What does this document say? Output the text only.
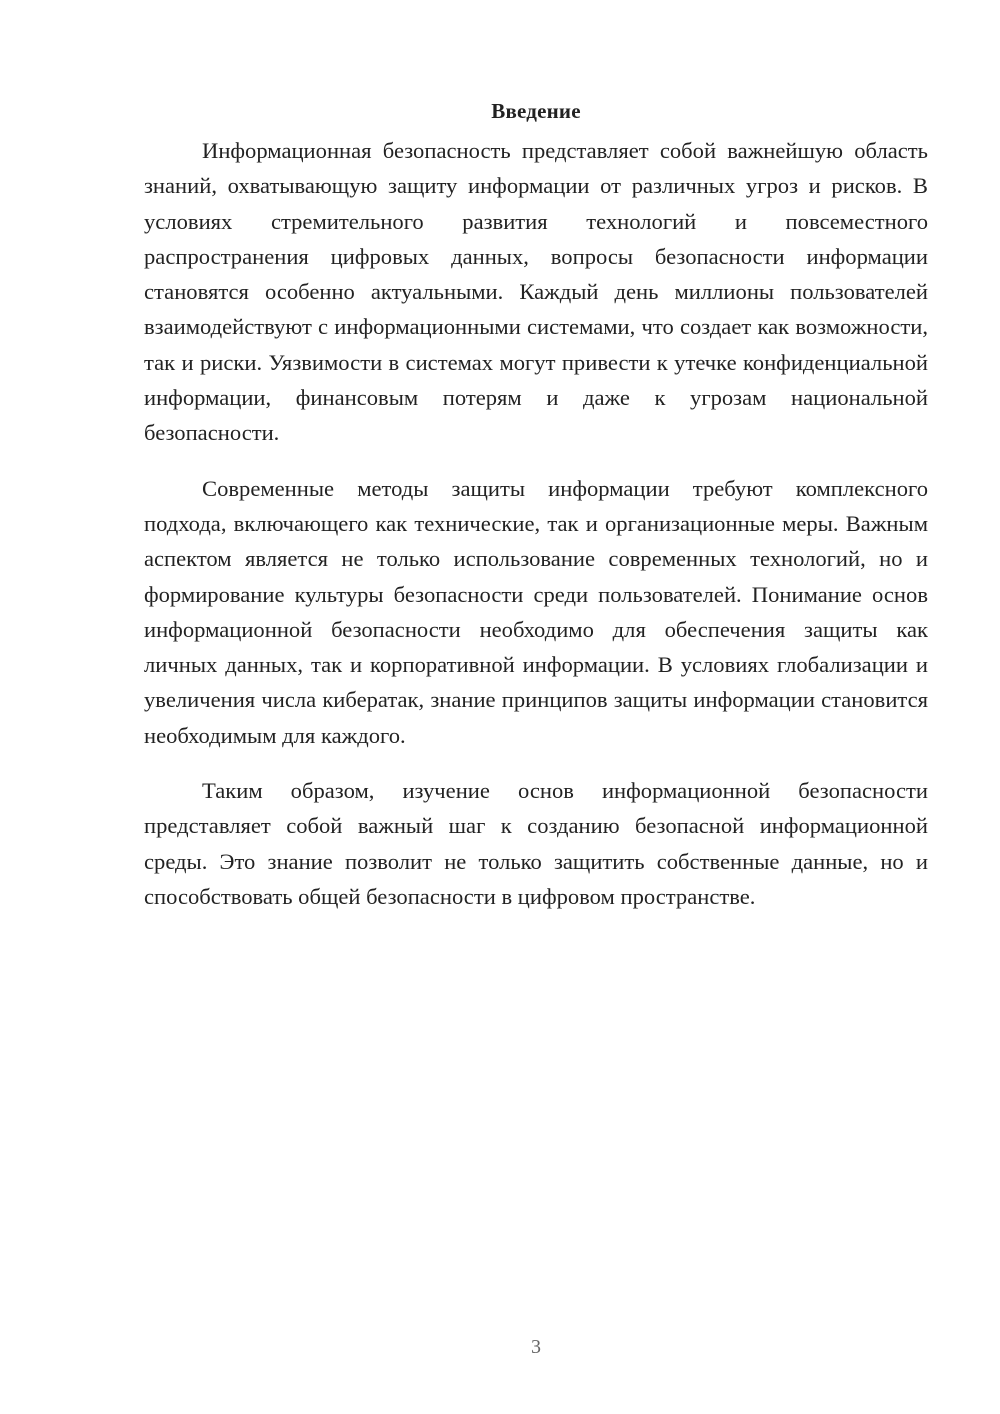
Введение

Информационная безопасность представляет собой важнейшую область знаний, охватывающую защиту информации от различных угроз и рисков. В условиях стремительного развития технологий и повсеместного распространения цифровых данных, вопросы безопасности информации становятся особенно актуальными. Каждый день миллионы пользователей взаимодействуют с информационными системами, что создает как возможности, так и риски. Уязвимости в системах могут привести к утечке конфиденциальной информации, финансовым потерям и даже к угрозам национальной безопасности.

Современные методы защиты информации требуют комплексного подхода, включающего как технические, так и организационные меры. Важным аспектом является не только использование современных технологий, но и формирование культуры безопасности среди пользователей. Понимание основ информационной безопасности необходимо для обеспечения защиты как личных данных, так и корпоративной информации. В условиях глобализации и увеличения числа кибератак, знание принципов защиты информации становится необходимым для каждого.

Таким образом, изучение основ информационной безопасности представляет собой важный шаг к созданию безопасной информационной среды. Это знание позволит не только защитить собственные данные, но и способствовать общей безопасности в цифровом пространстве.

3
